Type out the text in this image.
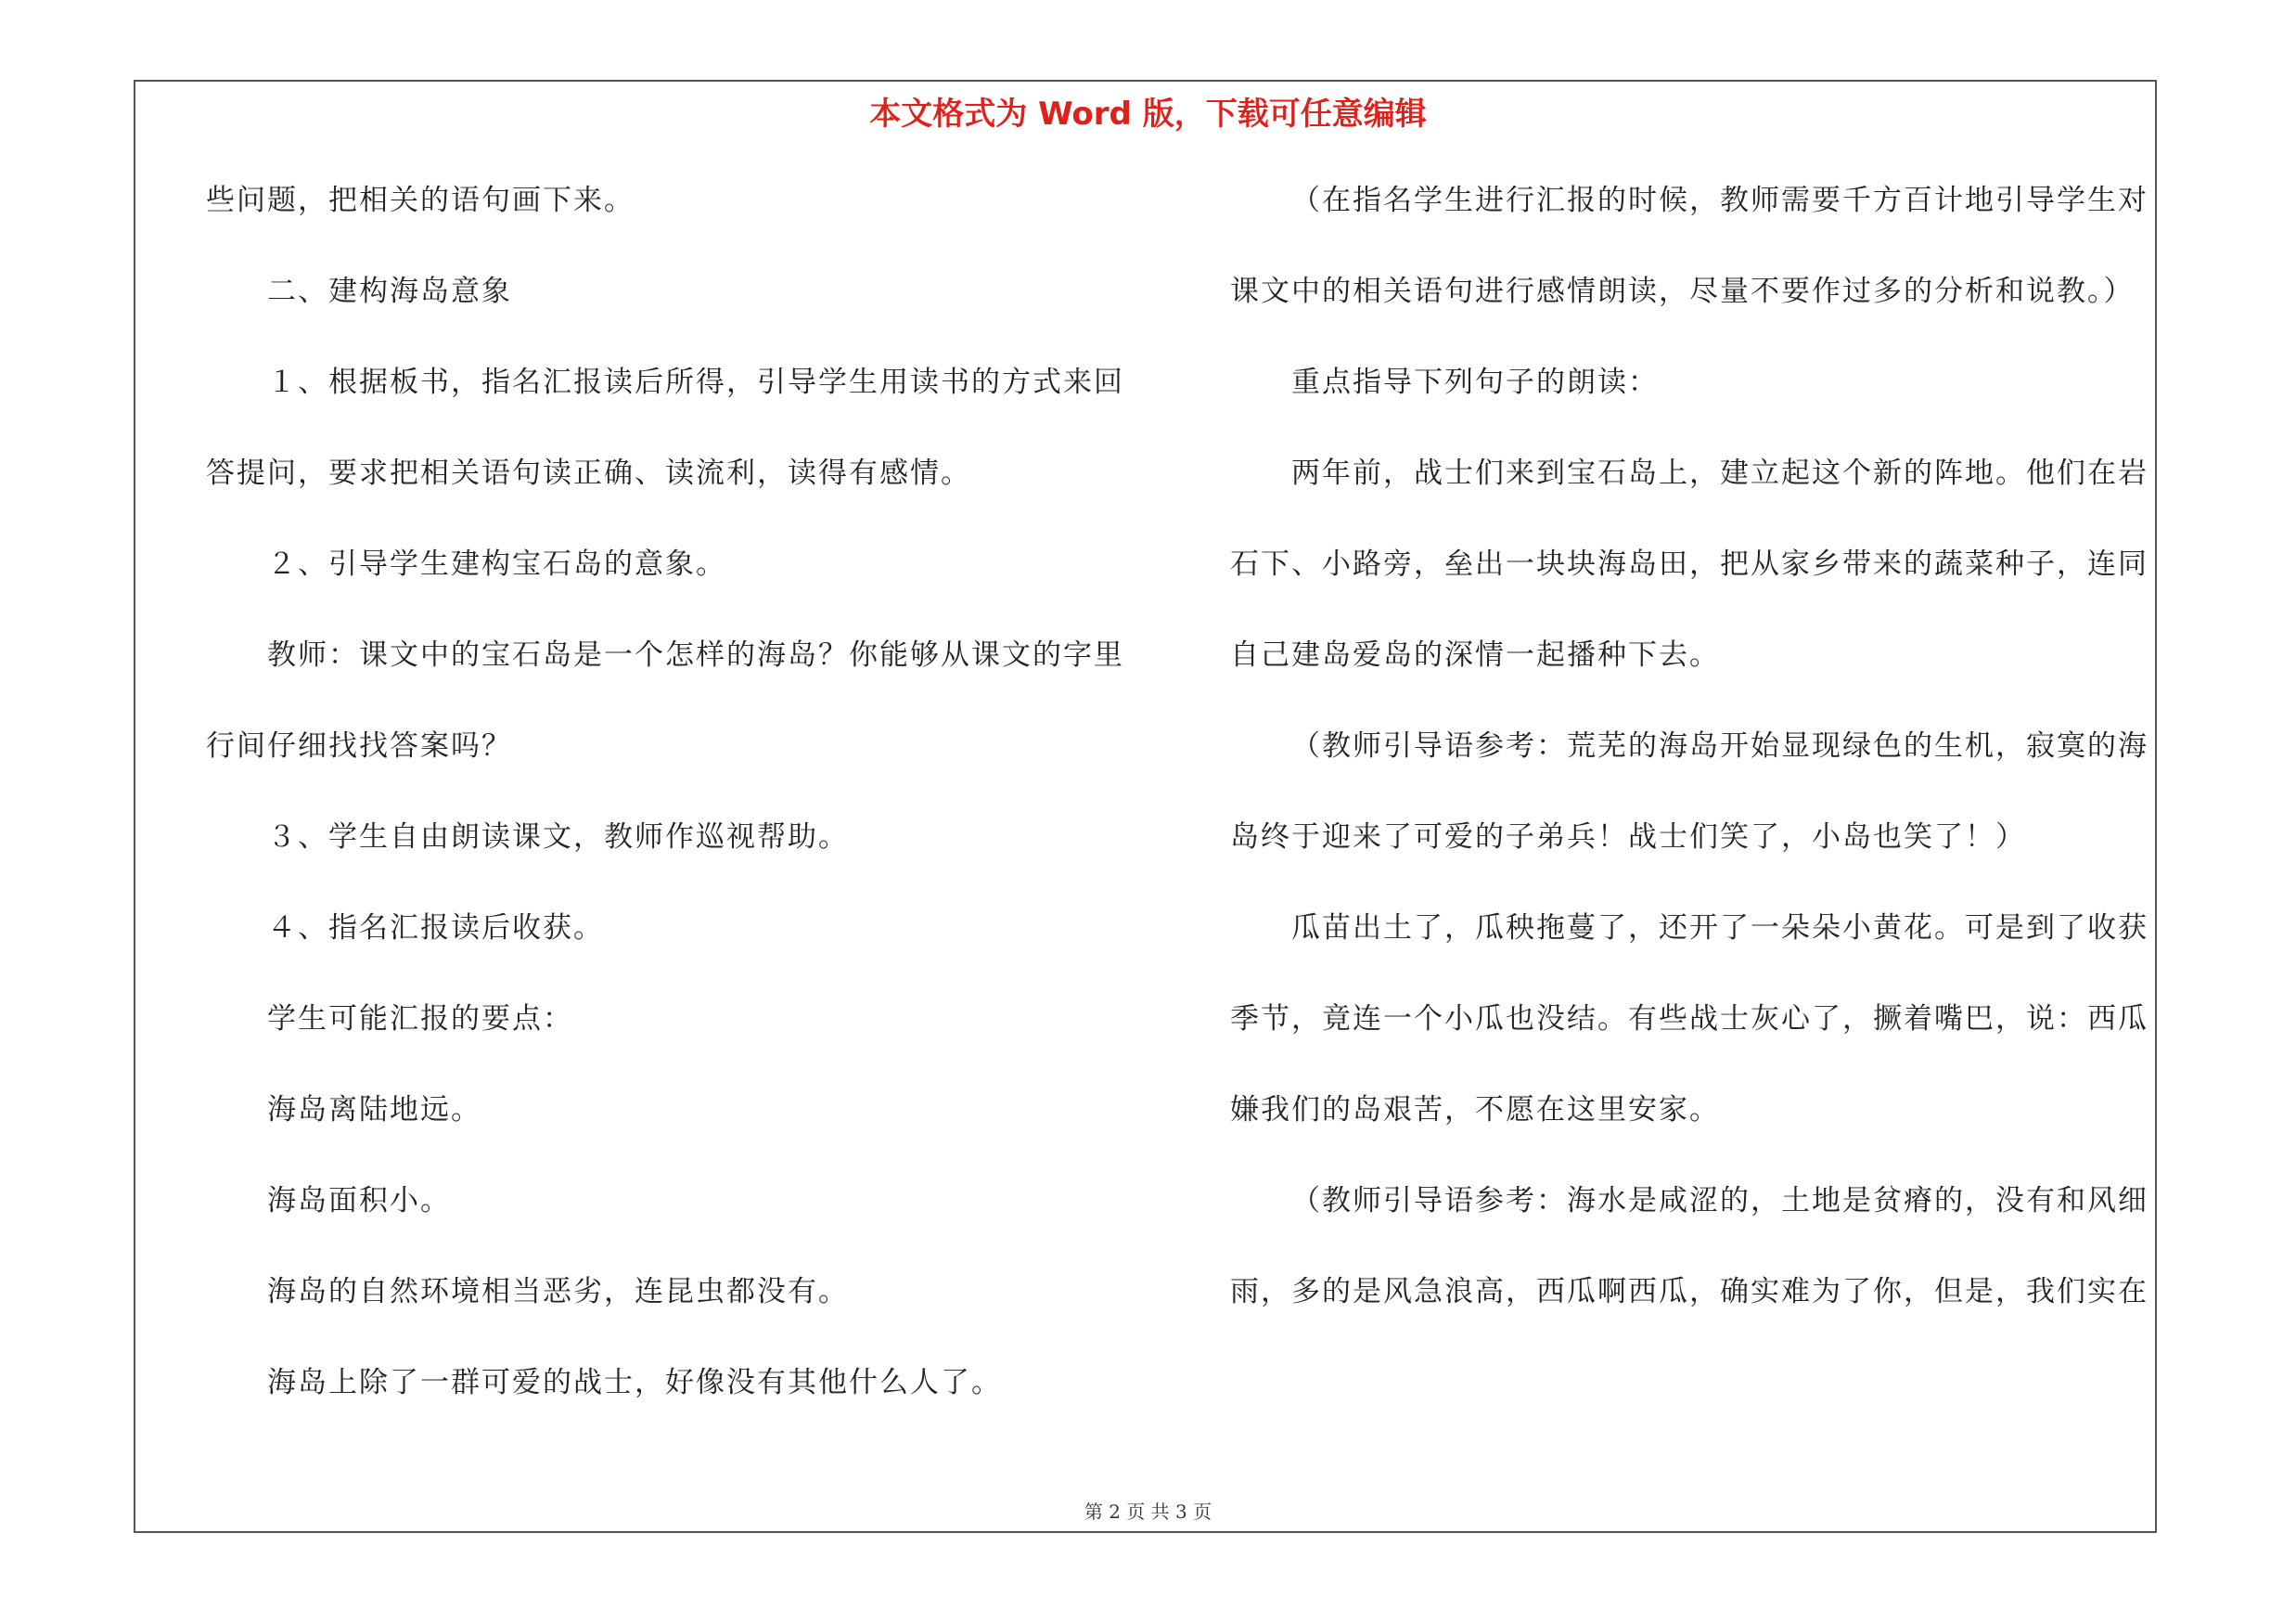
本文格式为 Word 版，下载可任意编辑
些问题，把相关的语句画下来。
二、建构海岛意象
１、根据板书，指名汇报读后所得，引导学生用读书的方式来回
答提问，要求把相关语句读正确、读流利，读得有感情。
２、引导学生建构宝石岛的意象。
教师：课文中的宝石岛是一个怎样的海岛？你能够从课文的字里
行间仔细找找答案吗？
３、学生自由朗读课文，教师作巡视帮助。
４、指名汇报读后收获。
学生可能汇报的要点：
海岛离陆地远。
海岛面积小。
海岛的自然环境相当恶劣，连昆虫都没有。
海岛上除了一群可爱的战士，好像没有其他什么人了。
（在指名学生进行汇报的时候，教师需要千方百计地引导学生对
课文中的相关语句进行感情朗读，尽量不要作过多的分析和说教。）
重点指导下列句子的朗读：
两年前，战士们来到宝石岛上，建立起这个新的阵地。他们在岩
石下、小路旁，垒出一块块海岛田，把从家乡带来的蔬菜种子，连同
自己建岛爱岛的深情一起播种下去。
（教师引导语参考：荒芜的海岛开始显现绿色的生机，寂寞的海
岛终于迎来了可爱的子弟兵！战士们笑了，小岛也笑了！）
瓜苗出土了，瓜秧拖蔓了，还开了一朵朵小黄花。可是到了收获
季节，竟连一个小瓜也没结。有些战士灰心了，撅着嘴巴，说：西瓜
嫌我们的岛艰苦，不愿在这里安家。
（教师引导语参考：海水是咸涩的，土地是贫瘠的，没有和风细
雨，多的是风急浪高，西瓜啊西瓜，确实难为了你，但是，我们实在
第 2 页 共 3 页
